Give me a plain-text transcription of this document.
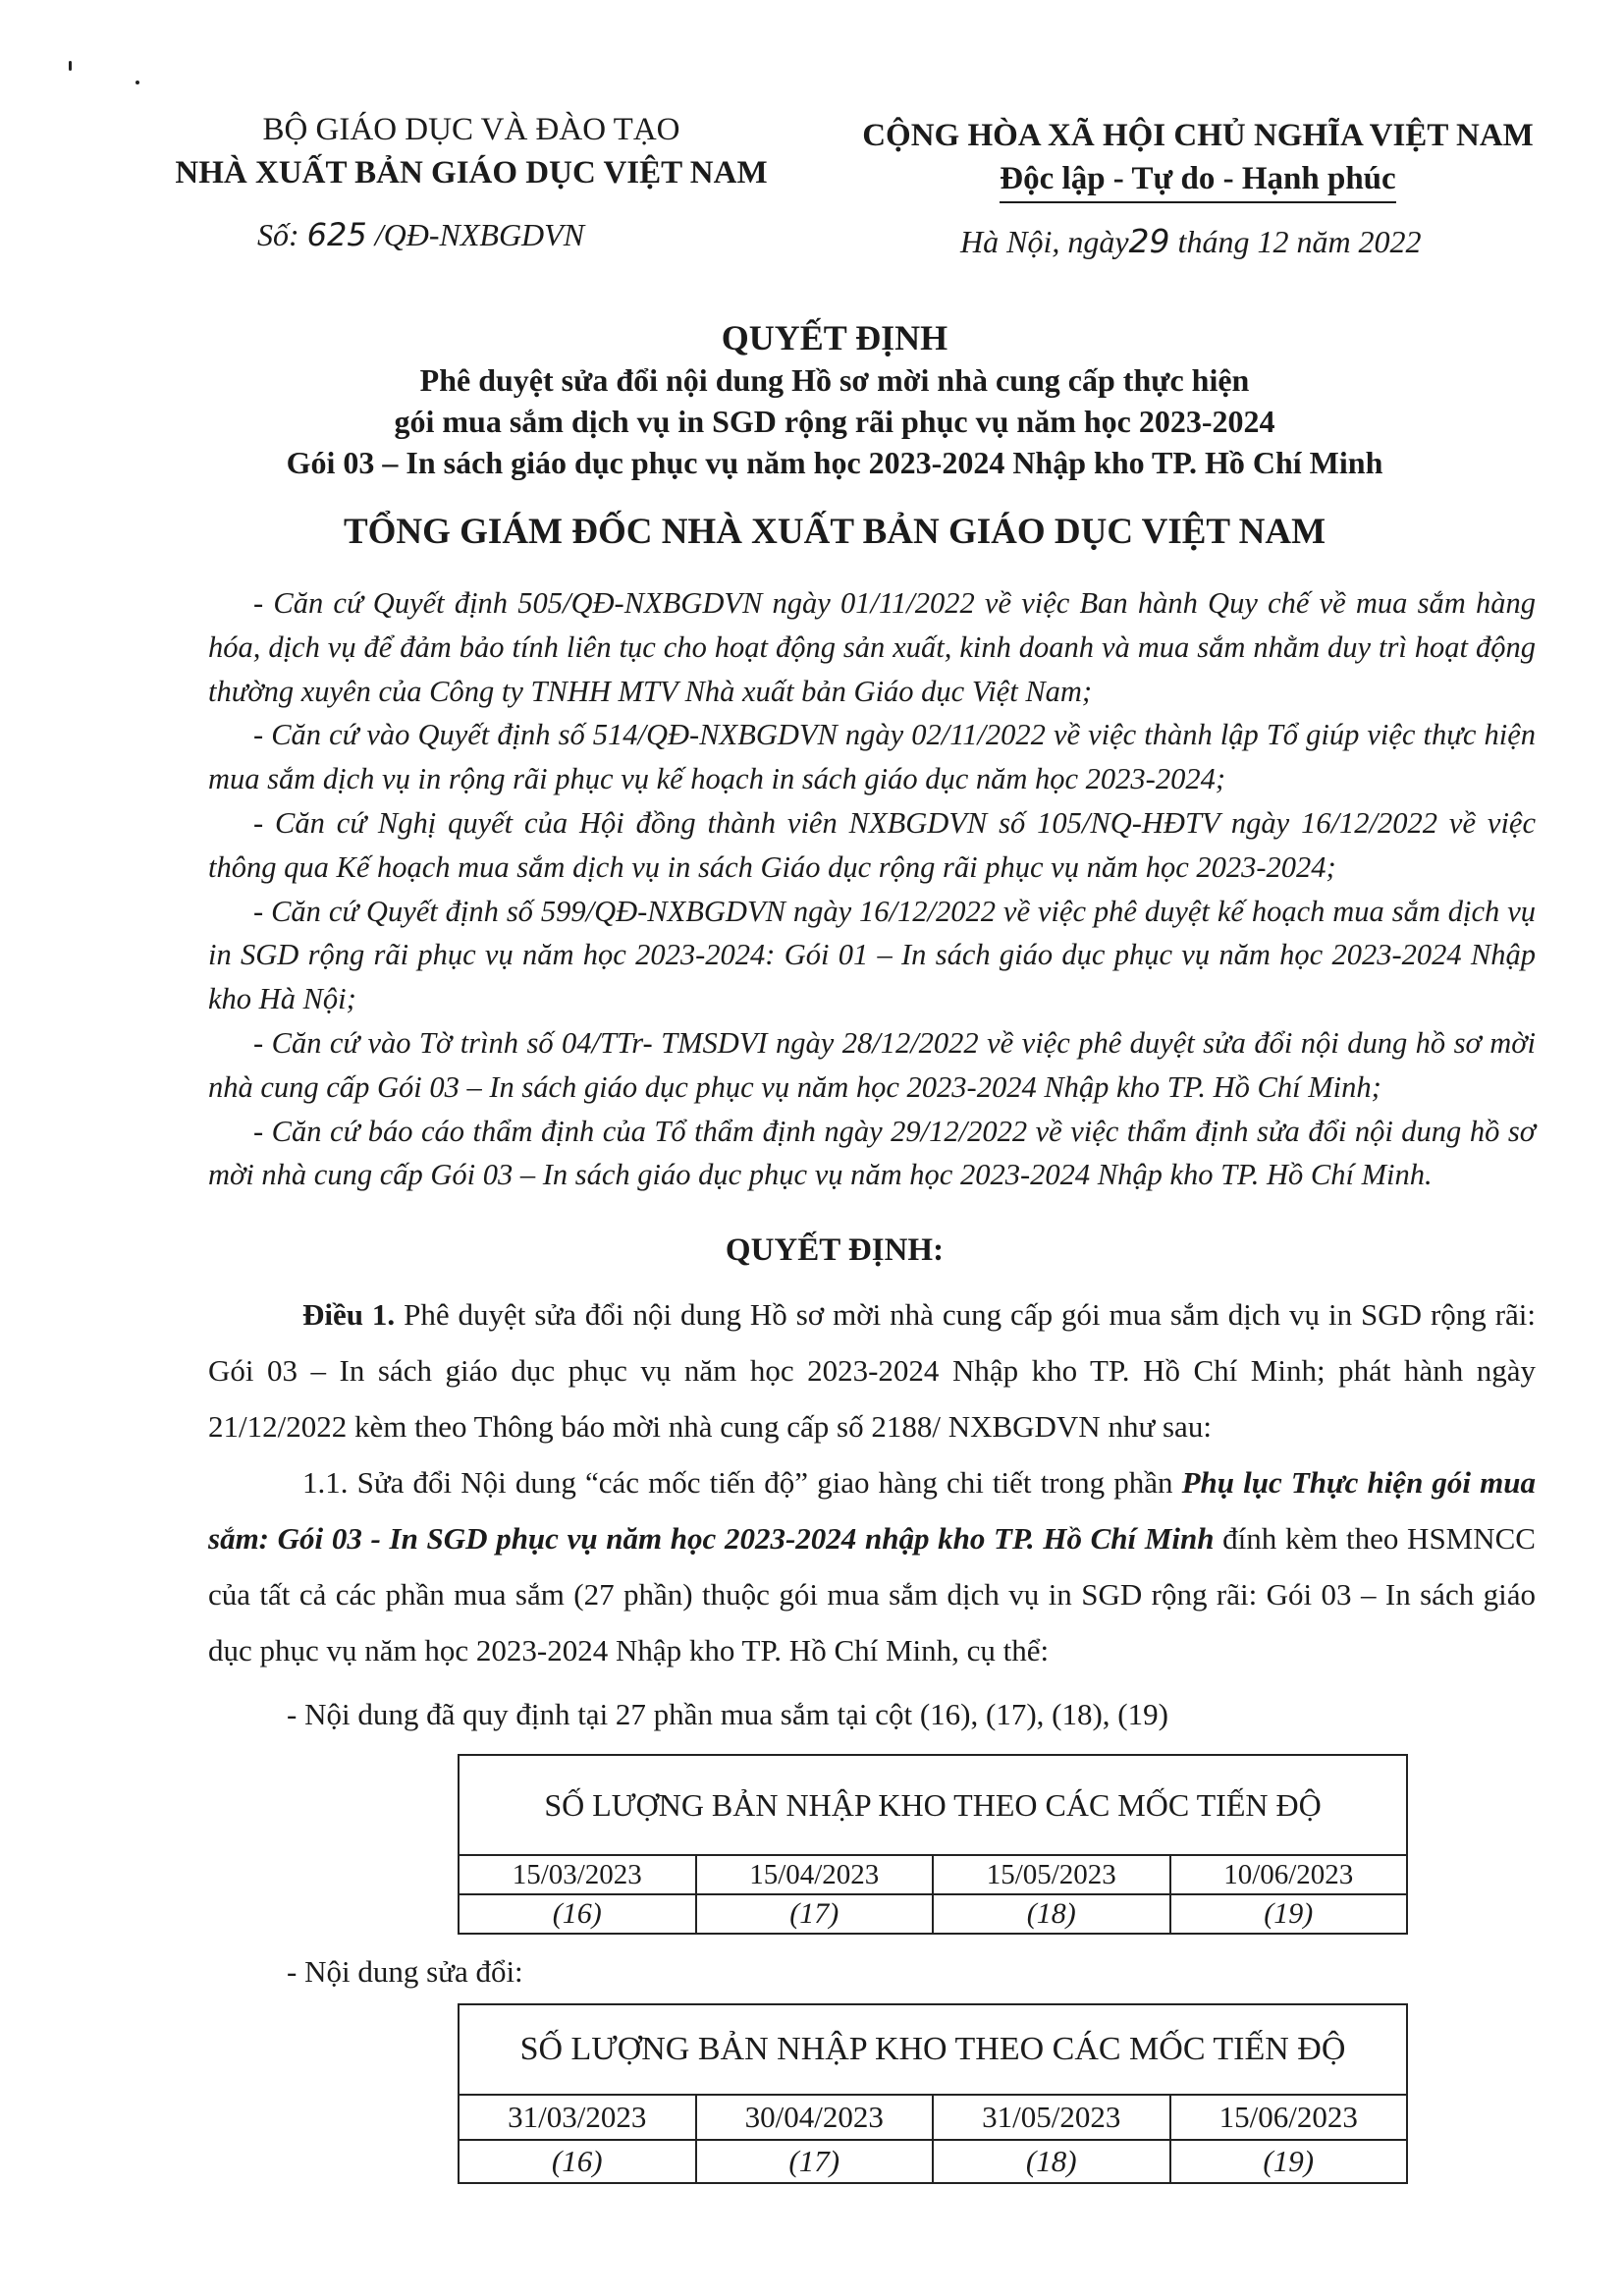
BỘ GIÁO DỤC VÀ ĐÀO TẠO
NHÀ XUẤT BẢN GIÁO DỤC VIỆT NAM
Số: 625 /QĐ-NXBGDVN
CỘNG HÒA XÃ HỘI CHỦ NGHĨA VIỆT NAM
Độc lập - Tự do - Hạnh phúc
Hà Nội, ngày29 tháng 12 năm 2022
QUYẾT ĐỊNH
Phê duyệt sửa đổi nội dung Hồ sơ mời nhà cung cấp thực hiện
gói mua sắm dịch vụ in SGD rộng rãi phục vụ năm học 2023-2024
Gói 03 – In sách giáo dục phục vụ năm học 2023-2024 Nhập kho TP. Hồ Chí Minh
TỔNG GIÁM ĐỐC NHÀ XUẤT BẢN GIÁO DỤC VIỆT NAM

- Căn cứ Quyết định 505/QĐ-NXBGDVN ngày 01/11/2022 về việc Ban hành Quy chế về mua sắm hàng hóa, dịch vụ để đảm bảo tính liên tục cho hoạt động sản xuất, kinh doanh và mua sắm nhằm duy trì hoạt động thường xuyên của Công ty TNHH MTV Nhà xuất bản Giáo dục Việt Nam;

- Căn cứ vào Quyết định số 514/QĐ-NXBGDVN ngày 02/11/2022 về việc thành lập Tổ giúp việc thực hiện mua sắm dịch vụ in rộng rãi phục vụ kế hoạch in sách giáo dục năm học 2023-2024;

- Căn cứ Nghị quyết của Hội đồng thành viên NXBGDVN số 105/NQ-HĐTV ngày 16/12/2022 về việc thông qua Kế hoạch mua sắm dịch vụ in sách Giáo dục rộng rãi phục vụ năm học 2023-2024;

- Căn cứ Quyết định số 599/QĐ-NXBGDVN ngày 16/12/2022 về việc phê duyệt kế hoạch mua sắm dịch vụ in SGD rộng rãi phục vụ năm học 2023-2024: Gói 01 – In sách giáo dục phục vụ năm học 2023-2024 Nhập kho Hà Nội;

- Căn cứ vào Tờ trình số 04/TTr- TMSDVI ngày 28/12/2022 về việc phê duyệt sửa đổi nội dung hồ sơ mời nhà cung cấp Gói 03 – In sách giáo dục phục vụ năm học 2023-2024 Nhập kho TP. Hồ Chí Minh;

- Căn cứ báo cáo thẩm định của Tổ thẩm định ngày 29/12/2022 về việc thẩm định sửa đổi nội dung hồ sơ mời nhà cung cấp Gói 03 – In sách giáo dục phục vụ năm học 2023-2024 Nhập kho TP. Hồ Chí Minh.

QUYẾT ĐỊNH:

Điều 1. Phê duyệt sửa đổi nội dung Hồ sơ mời nhà cung cấp gói mua sắm dịch vụ in SGD rộng rãi: Gói 03 – In sách giáo dục phục vụ năm học 2023-2024 Nhập kho TP. Hồ Chí Minh; phát hành ngày 21/12/2022 kèm theo Thông báo mời nhà cung cấp số 2188/ NXBGDVN như sau:

1.1. Sửa đổi Nội dung “các mốc tiến độ” giao hàng chi tiết trong phần Phụ lục Thực hiện gói mua sắm: Gói 03 - In SGD phục vụ năm học 2023-2024 nhập kho TP. Hồ Chí Minh đính kèm theo HSMNCC của tất cả các phần mua sắm (27 phần) thuộc gói mua sắm dịch vụ in SGD rộng rãi: Gói 03 – In sách giáo dục phục vụ năm học 2023-2024 Nhập kho TP. Hồ Chí Minh, cụ thể:

- Nội dung đã quy định tại 27 phần mua sắm tại cột (16), (17), (18), (19)
SỐ LƯỢNG BẢN NHẬP KHO THEO CÁC MỐC TIẾN ĐỘ			
15/03/2023	15/04/2023	15/05/2023	10/06/2023
(16)	(17)	(18)	(19)
- Nội dung sửa đổi:
SỐ LƯỢNG BẢN NHẬP KHO THEO CÁC MỐC TIẾN ĐỘ			
31/03/2023	30/04/2023	31/05/2023	15/06/2023
(16)	(17)	(18)	(19)
